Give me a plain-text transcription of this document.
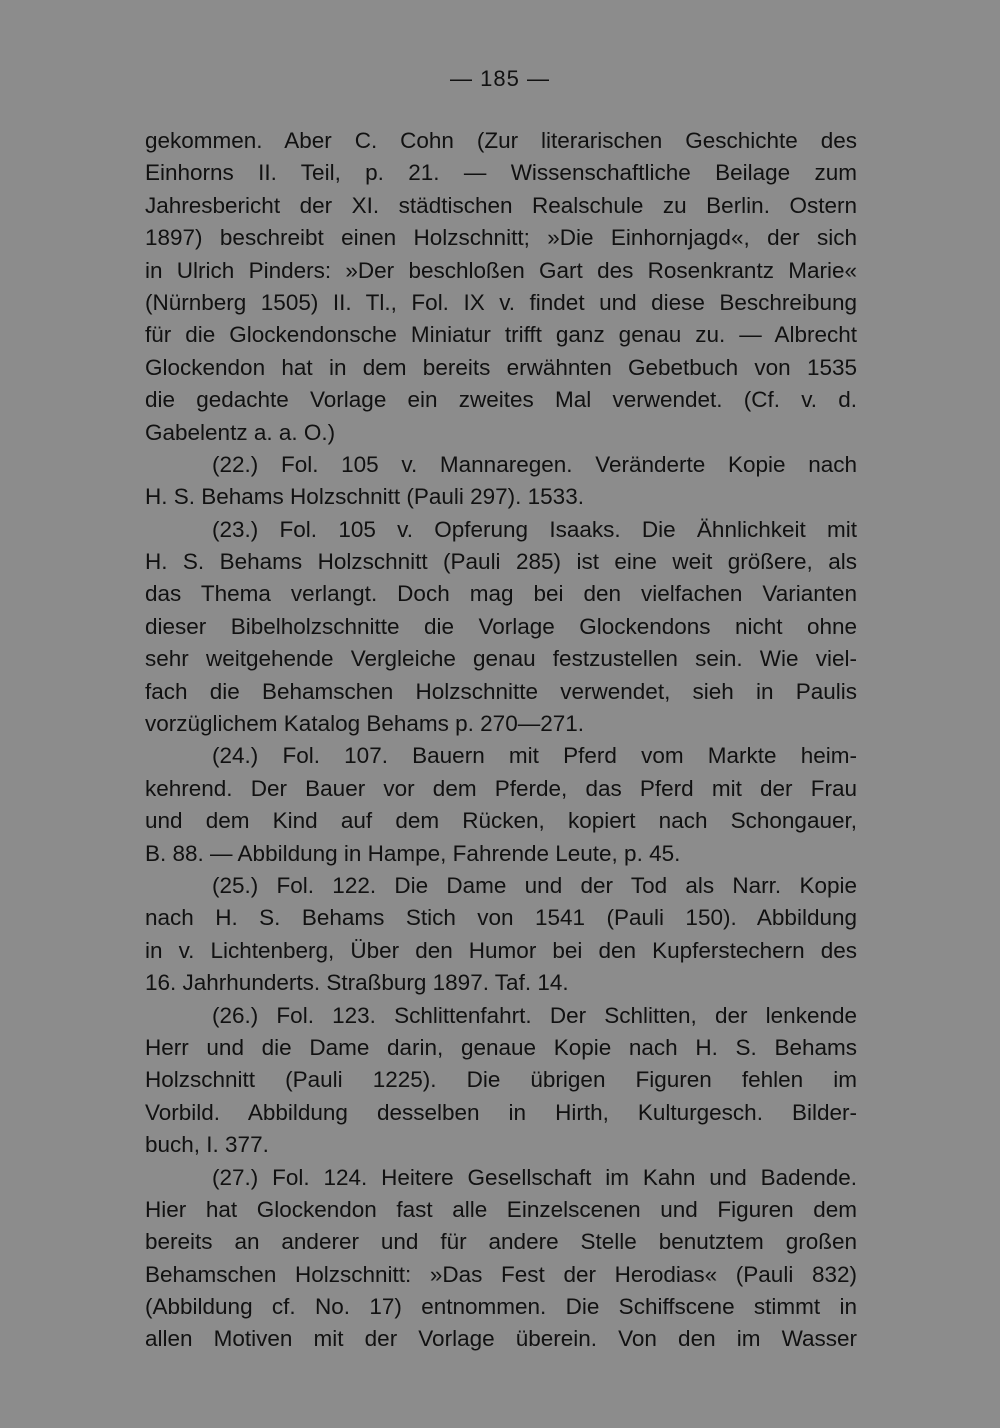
— 185 —
gekommen. Aber C. Cohn (Zur literarischen Geschichte des
Einhorns II. Teil, p. 21. — Wissenschaftliche Beilage zum
Jahresbericht der XI. städtischen Realschule zu Berlin. Ostern
1897) beschreibt einen Holzschnitt; »Die Einhornjagd«, der sich
in Ulrich Pinders: »Der beschloßen Gart des Rosenkrantz Marie«
(Nürnberg 1505) II. Tl., Fol. IX v. findet und diese Beschreibung
für die Glockendonsche Miniatur trifft ganz genau zu. — Albrecht
Glockendon hat in dem bereits erwähnten Gebetbuch von 1535
die gedachte Vorlage ein zweites Mal verwendet. (Cf. v. d.
Gabelentz a. a. O.)
(22.) Fol. 105 v. Mannaregen. Veränderte Kopie nach
H. S. Behams Holzschnitt (Pauli 297). 1533.
(23.) Fol. 105 v. Opferung Isaaks. Die Ähnlichkeit mit
H. S. Behams Holzschnitt (Pauli 285) ist eine weit größere, als
das Thema verlangt. Doch mag bei den vielfachen Varianten
dieser Bibelholzschnitte die Vorlage Glockendons nicht ohne
sehr weitgehende Vergleiche genau festzustellen sein. Wie viel-
fach die Behamschen Holzschnitte verwendet, sieh in Paulis
vorzüglichem Katalog Behams p. 270—271.
(24.) Fol. 107. Bauern mit Pferd vom Markte heim-
kehrend. Der Bauer vor dem Pferde, das Pferd mit der Frau
und dem Kind auf dem Rücken, kopiert nach Schongauer,
B. 88. — Abbildung in Hampe, Fahrende Leute, p. 45.
(25.) Fol. 122. Die Dame und der Tod als Narr. Kopie
nach H. S. Behams Stich von 1541 (Pauli 150). Abbildung
in v. Lichtenberg, Über den Humor bei den Kupferstechern des
16. Jahrhunderts. Straßburg 1897. Taf. 14.
(26.) Fol. 123. Schlittenfahrt. Der Schlitten, der lenkende
Herr und die Dame darin, genaue Kopie nach H. S. Behams
Holzschnitt (Pauli 1225). Die übrigen Figuren fehlen im
Vorbild. Abbildung desselben in Hirth, Kulturgesch. Bilder-
buch, I. 377.
(27.) Fol. 124. Heitere Gesellschaft im Kahn und Badende.
Hier hat Glockendon fast alle Einzelscenen und Figuren dem
bereits an anderer und für andere Stelle benutztem großen
Behamschen Holzschnitt: »Das Fest der Herodias« (Pauli 832)
(Abbildung cf. No. 17) entnommen. Die Schiffscene stimmt in
allen Motiven mit der Vorlage überein. Von den im Wasser
